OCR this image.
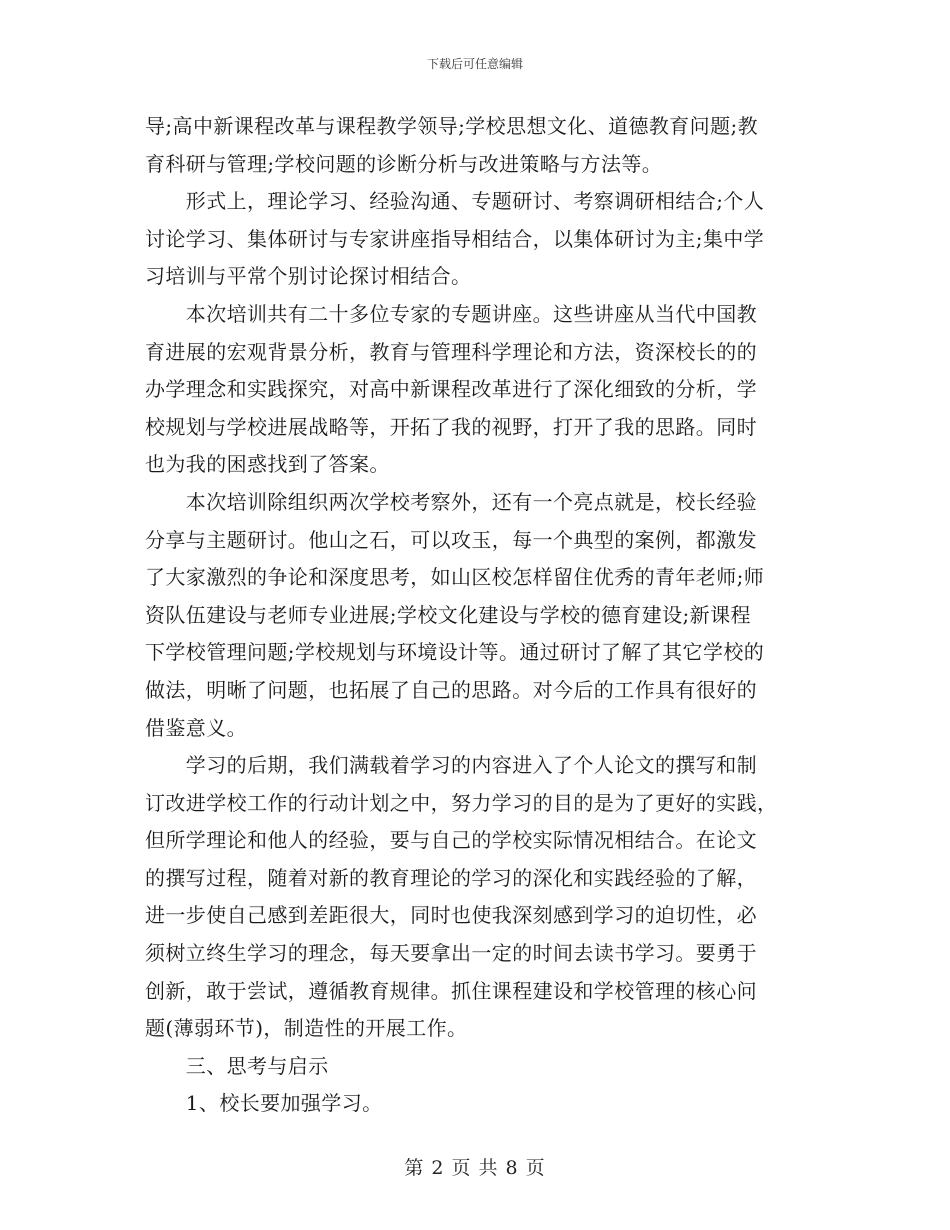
下载后可任意编辑

导;高中新课程改革与课程教学领导;学校思想文化、道德教育问题;教
育科研与管理;学校问题的诊断分析与改进策略与方法等。

　　形式上，理论学习、经验沟通、专题研讨、考察调研相结合;个人
讨论学习、集体研讨与专家讲座指导相结合，以集体研讨为主;集中学
习培训与平常个别讨论探讨相结合。

　　本次培训共有二十多位专家的专题讲座。这些讲座从当代中国教
育进展的宏观背景分析，教育与管理科学理论和方法，资深校长的的
办学理念和实践探究，对高中新课程改革进行了深化细致的分析，学
校规划与学校进展战略等，开拓了我的视野，打开了我的思路。同时
也为我的困惑找到了答案。

　　本次培训除组织两次学校考察外，还有一个亮点就是，校长经验
分享与主题研讨。他山之石，可以攻玉，每一个典型的案例，都激发
了大家激烈的争论和深度思考，如山区校怎样留住优秀的青年老师;师
资队伍建设与老师专业进展;学校文化建设与学校的德育建设;新课程
下学校管理问题;学校规划与环境设计等。通过研讨了解了其它学校的
做法，明晰了问题，也拓展了自己的思路。对今后的工作具有很好的
借鉴意义。

　　学习的后期，我们满载着学习的内容进入了个人论文的撰写和制
订改进学校工作的行动计划之中，努力学习的目的是为了更好的实践，
但所学理论和他人的经验，要与自己的学校实际情况相结合。在论文
的撰写过程，随着对新的教育理论的学习的深化和实践经验的了解，
进一步使自己感到差距很大，同时也使我深刻感到学习的迫切性，必
须树立终生学习的理念，每天要拿出一定的时间去读书学习。要勇于
创新，敢于尝试，遵循教育规律。抓住课程建设和学校管理的核心问
题(薄弱环节)，制造性的开展工作。

　　三、思考与启示

　　1、校长要加强学习。

第 2 页 共 8 页
